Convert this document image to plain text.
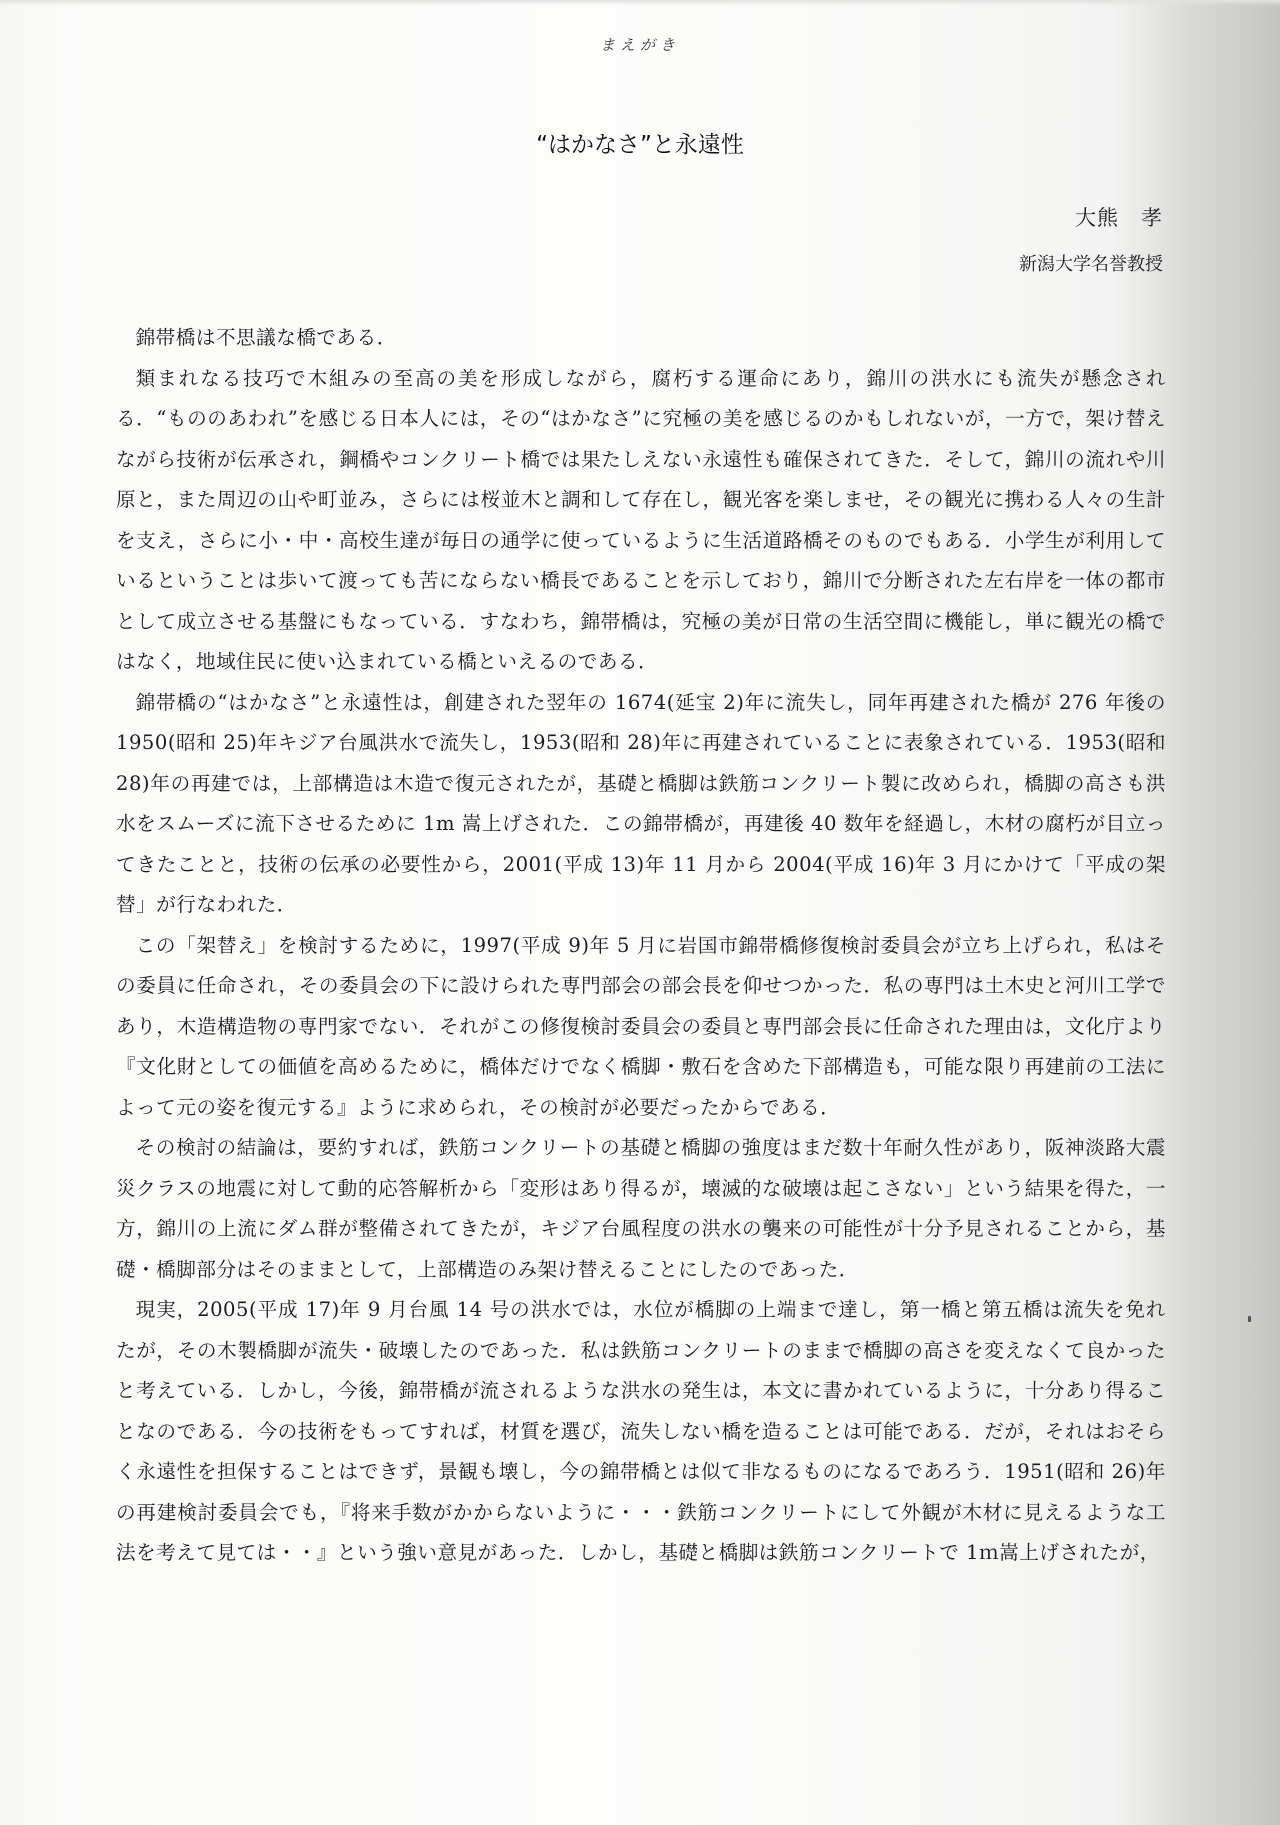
まえがき
“はかなさ”と永遠性
大熊　孝
新潟大学名誉教授

錦帯橋は不思議な橋である．

類まれなる技巧で木組みの至高の美を形成しながら，腐朽する運命にあり，錦川の洪水にも流失が懸念される．“もののあわれ”を感じる日本人には，その“はかなさ”に究極の美を感じるのかもしれないが，一方で，架け替えながら技術が伝承され，鋼橋やコンクリート橋では果たしえない永遠性も確保されてきた．そして，錦川の流れや川原と，また周辺の山や町並み，さらには桜並木と調和して存在し，観光客を楽しませ，その観光に携わる人々の生計を支え，さらに小・中・高校生達が毎日の通学に使っているように生活道路橋そのものでもある．小学生が利用しているということは歩いて渡っても苦にならない橋長であることを示しており，錦川で分断された左右岸を一体の都市として成立させる基盤にもなっている．すなわち，錦帯橋は，究極の美が日常の生活空間に機能し，単に観光の橋ではなく，地域住民に使い込まれている橋といえるのである．

錦帯橋の“はかなさ”と永遠性は，創建された翌年の 1674(延宝 2)年に流失し，同年再建された橋が 276 年後の 1950(昭和 25)年キジア台風洪水で流失し，1953(昭和 28)年に再建されていることに表象されている．1953(昭和 28)年の再建では，上部構造は木造で復元されたが，基礎と橋脚は鉄筋コンクリート製に改められ，橋脚の高さも洪水をスムーズに流下させるために 1m 嵩上げされた．この錦帯橋が，再建後 40 数年を経過し，木材の腐朽が目立ってきたことと，技術の伝承の必要性から，2001(平成 13)年 11 月から 2004(平成 16)年 3 月にかけて「平成の架替」が行なわれた．

この「架替え」を検討するために，1997(平成 9)年 5 月に岩国市錦帯橋修復検討委員会が立ち上げられ，私はその委員に任命され，その委員会の下に設けられた専門部会の部会長を仰せつかった．私の専門は土木史と河川工学であり，木造構造物の専門家でない．それがこの修復検討委員会の委員と専門部会長に任命された理由は，文化庁より『文化財としての価値を高めるために，橋体だけでなく橋脚・敷石を含めた下部構造も，可能な限り再建前の工法によって元の姿を復元する』ように求められ，その検討が必要だったからである．

その検討の結論は，要約すれば，鉄筋コンクリートの基礎と橋脚の強度はまだ数十年耐久性があり，阪神淡路大震災クラスの地震に対して動的応答解析から「変形はあり得るが，壊滅的な破壊は起こさない」という結果を得た，一方，錦川の上流にダム群が整備されてきたが，キジア台風程度の洪水の襲来の可能性が十分予見されることから，基礎・橋脚部分はそのままとして，上部構造のみ架け替えることにしたのであった．

現実，2005(平成 17)年 9 月台風 14 号の洪水では，水位が橋脚の上端まで達し，第一橋と第五橋は流失を免れたが，その木製橋脚が流失・破壊したのであった．私は鉄筋コンクリートのままで橋脚の高さを変えなくて良かったと考えている．しかし，今後，錦帯橋が流されるような洪水の発生は，本文に書かれているように，十分あり得ることなのである．今の技術をもってすれば，材質を選び，流失しない橋を造ることは可能である．だが，それはおそらく永遠性を担保することはできず，景観も壊し，今の錦帯橋とは似て非なるものになるであろう．1951(昭和 26)年の再建検討委員会でも，『将来手数がかからないように・・・鉄筋コンクリートにして外観が木材に見えるような工法を考えて見ては・・』という強い意見があった．しかし，基礎と橋脚は鉄筋コンクリートで 1ｍ嵩上げされたが，
